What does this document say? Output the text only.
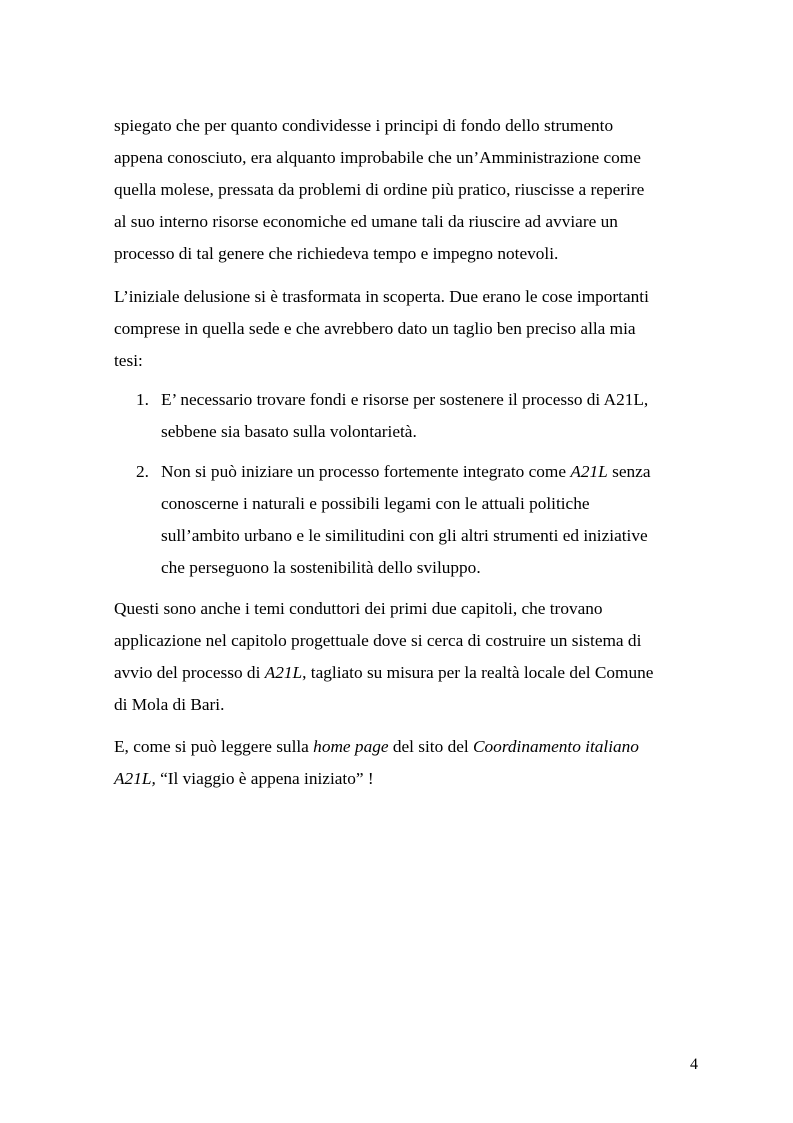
spiegato che per quanto condividesse i principi di fondo dello strumento
appena conosciuto, era alquanto improbabile che un’Amministrazione come
quella molese, pressata da problemi di ordine più pratico, riuscisse a reperire
al suo interno risorse economiche ed umane tali da riuscire ad avviare un
processo di tal genere che richiedeva tempo e impegno notevoli.

L’iniziale delusione si è trasformata in scoperta. Due erano le cose importanti
comprese in quella sede e che avrebbero dato un taglio ben preciso alla mia
tesi:

1. E’ necessario trovare fondi e risorse per sostenere il processo di A21L,
sebbene sia basato sulla volontarietà.
2. Non si può iniziare un processo fortemente integrato come A21L senza
conoscerne i naturali e possibili legami con le attuali politiche
sull’ambito urbano e le similitudini con gli altri strumenti ed iniziative
che perseguono la sostenibilità dello sviluppo.

Questi sono anche i temi conduttori dei primi due capitoli, che trovano
applicazione nel capitolo progettuale dove si cerca di costruire un sistema di
avvio del processo di A21L, tagliato su misura per la realtà locale del Comune
di Mola di Bari.

E, come si può leggere sulla home page del sito del Coordinamento italiano
A21L, “Il viaggio è appena iniziato” !

4
